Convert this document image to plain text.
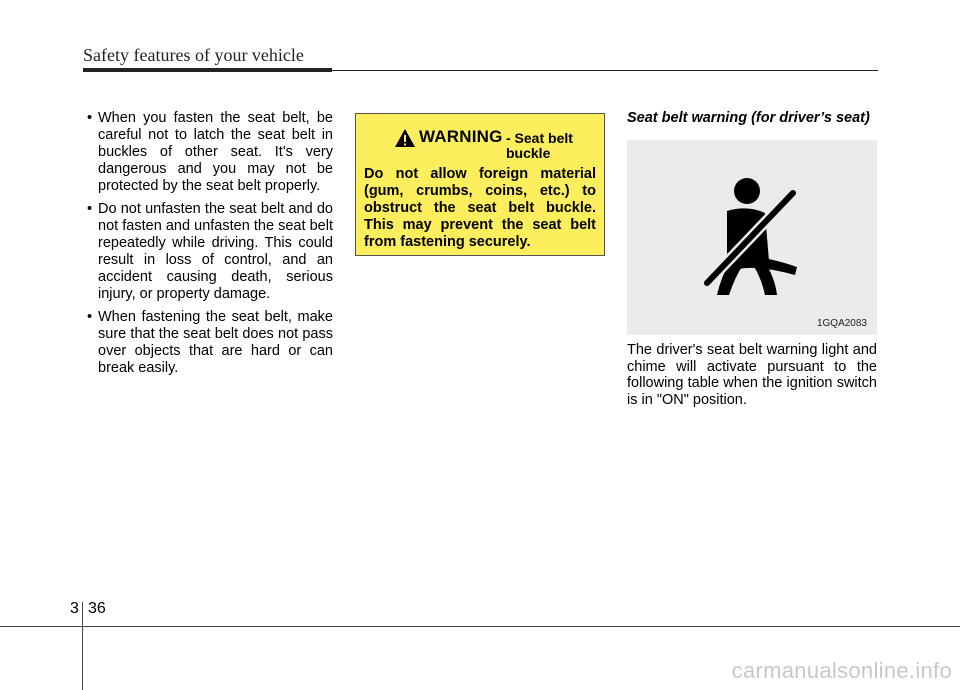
Safety features of your vehicle
• When you fasten the seat belt, be careful not to latch the seat belt in buckles of other seat. It's very dangerous and you may not be protected by the seat belt properly.
• Do not unfasten the seat belt and do not fasten and unfasten the seat belt repeatedly while driving. This could result in loss of control, and an accident causing death, serious injury, or property damage.
• When fastening the seat belt, make sure that the seat belt does not pass over objects that are hard or can break easily.
WARNING - Seat belt buckle
Do not allow foreign material (gum, crumbs, coins, etc.) to obstruct the seat belt buckle. This may prevent the seat belt from fastening securely.
Seat belt warning (for driver’s seat)
1GQA2083
The driver's seat belt warning light and chime will activate pursuant to the following table when the ignition switch is in "ON" position.
3 36
carmanualsonline.info
